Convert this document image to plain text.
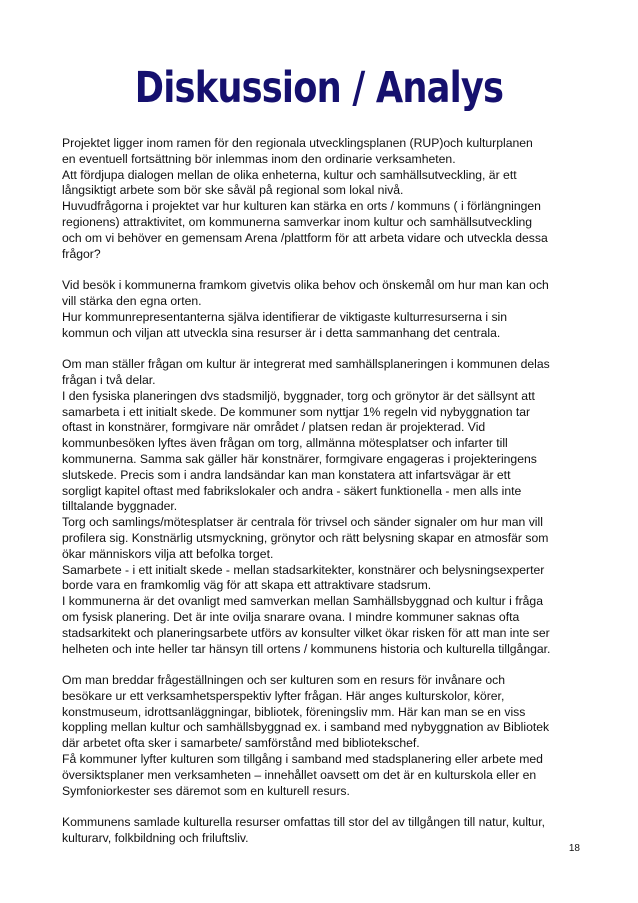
Diskussion / Analys

Projektet ligger inom ramen för den regionala utvecklingsplanen (RUP)och kulturplanen
en eventuell fortsättning bör inlemmas inom den ordinarie verksamheten.
Att fördjupa dialogen mellan de olika enheterna, kultur och samhällsutveckling, är ett
långsiktigt arbete som bör ske såväl på regional som lokal nivå.
Huvudfrågorna i projektet var hur kulturen kan stärka en orts / kommuns ( i förlängningen
regionens) attraktivitet, om kommunerna samverkar inom kultur och samhällsutveckling
och om vi behöver en gemensam Arena /plattform för att arbeta vidare och utveckla dessa
frågor?

Vid besök i kommunerna framkom givetvis olika behov och önskemål om hur man kan och
vill stärka den egna orten.
Hur kommunrepresentanterna själva identifierar de viktigaste kulturresurserna i sin
kommun och viljan att utveckla sina resurser är i detta sammanhang det centrala.

Om man ställer frågan om kultur är integrerat med samhällsplaneringen i kommunen delas
frågan i två delar.
I den fysiska planeringen dvs stadsmiljö, byggnader, torg och grönytor är det sällsynt att
samarbeta i ett initialt skede. De kommuner som nyttjar 1% regeln vid nybyggnation tar
oftast in konstnärer, formgivare när området / platsen redan är projekterad. Vid
kommunbesöken lyftes även frågan om torg, allmänna mötesplatser och infarter till
kommunerna. Samma sak gäller här konstnärer, formgivare engageras i projekteringens
slutskede. Precis som i andra landsändar kan man konstatera att infartsvägar är ett
sorgligt kapitel oftast med fabrikslokaler och andra - säkert funktionella - men alls inte
tilltalande byggnader.
Torg och samlings/mötesplatser är centrala för trivsel och sänder signaler om hur man vill
profilera sig. Konstnärlig utsmyckning, grönytor och rätt belysning skapar en atmosfär som
ökar människors vilja att befolka torget.
Samarbete - i ett initialt skede - mellan stadsarkitekter, konstnärer och belysningsexperter
borde vara en framkomlig väg för att skapa ett attraktivare stadsrum.
I kommunerna är det ovanligt med samverkan mellan Samhällsbyggnad och kultur i fråga
om fysisk planering. Det är inte ovilja snarare ovana. I mindre kommuner saknas ofta
stadsarkitekt och planeringsarbete utförs av konsulter vilket ökar risken för att man inte ser
helheten och inte heller tar hänsyn till ortens / kommunens historia och kulturella tillgångar.

Om man breddar frågeställningen och ser kulturen som en resurs för invånare och
besökare ur ett verksamhetsperspektiv lyfter frågan. Här anges kulturskolor, körer,
konstmuseum, idrottsanläggningar, bibliotek, föreningsliv mm. Här kan man se en viss
koppling mellan kultur och samhällsbyggnad ex. i samband med nybyggnation av Bibliotek
där arbetet ofta sker i samarbete/ samförstånd med bibliotekschef.
Få kommuner lyfter kulturen som tillgång i samband med stadsplanering eller arbete med
översiktsplaner men verksamheten – innehållet oavsett om det är en kulturskola eller en
Symfoniorkester ses däremot som en kulturell resurs.

Kommunens samlade kulturella resurser omfattas till stor del av tillgången till natur, kultur,
kulturarv, folkbildning och friluftsliv.

18
